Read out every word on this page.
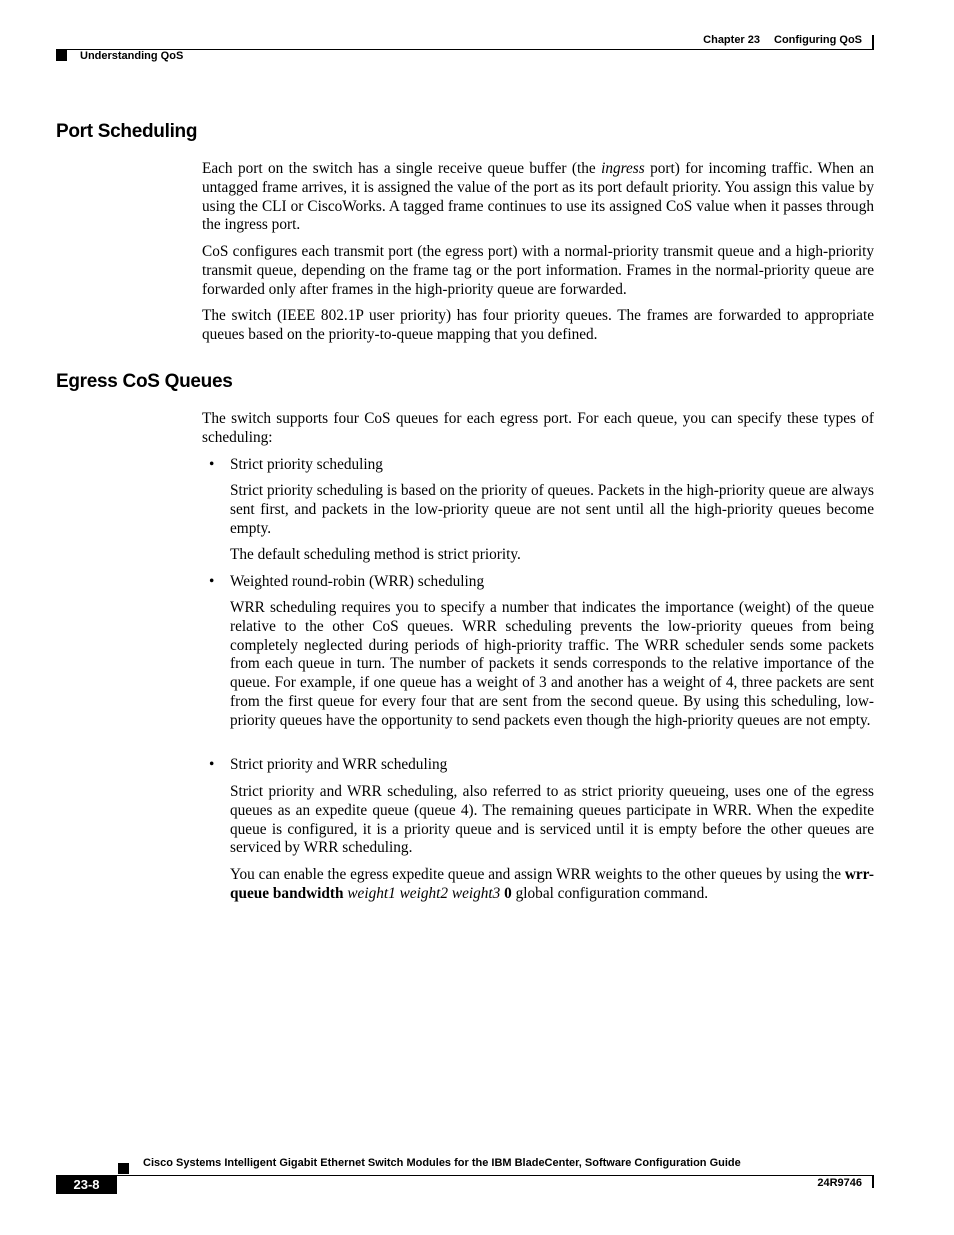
Chapter 23 Configuring QoS
Understanding QoS
Port Scheduling

Each port on the switch has a single receive queue buffer (the ingress port) for incoming traffic. When an untagged frame arrives, it is assigned the value of the port as its port default priority. You assign this value by using the CLI or CiscoWorks. A tagged frame continues to use its assigned CoS value when it passes through the ingress port.

CoS configures each transmit port (the egress port) with a normal-priority transmit queue and a high-priority transmit queue, depending on the frame tag or the port information. Frames in the normal-priority queue are forwarded only after frames in the high-priority queue are forwarded.

The switch (IEEE 802.1P user priority) has four priority queues. The frames are forwarded to appropriate queues based on the priority-to-queue mapping that you defined.

Egress CoS Queues

The switch supports four CoS queues for each egress port. For each queue, you can specify these types of scheduling:

• Strict priority scheduling

Strict priority scheduling is based on the priority of queues. Packets in the high-priority queue are always sent first, and packets in the low-priority queue are not sent until all the high-priority queues become empty.

The default scheduling method is strict priority.

• Weighted round-robin (WRR) scheduling

WRR scheduling requires you to specify a number that indicates the importance (weight) of the queue relative to the other CoS queues. WRR scheduling prevents the low-priority queues from being completely neglected during periods of high-priority traffic. The WRR scheduler sends some packets from each queue in turn. The number of packets it sends corresponds to the relative importance of the queue. For example, if one queue has a weight of 3 and another has a weight of 4, three packets are sent from the first queue for every four that are sent from the second queue. By using this scheduling, low-priority queues have the opportunity to send packets even though the high-priority queues are not empty.

• Strict priority and WRR scheduling

Strict priority and WRR scheduling, also referred to as strict priority queueing, uses one of the egress queues as an expedite queue (queue 4). The remaining queues participate in WRR. When the expedite queue is configured, it is a priority queue and is serviced until it is empty before the other queues are serviced by WRR scheduling.

You can enable the egress expedite queue and assign WRR weights to the other queues by using the wrr-queue bandwidth weight1 weight2 weight3 0 global configuration command.

Cisco Systems Intelligent Gigabit Ethernet Switch Modules for the IBM BladeCenter, Software Configuration Guide
23-8	24R9746
